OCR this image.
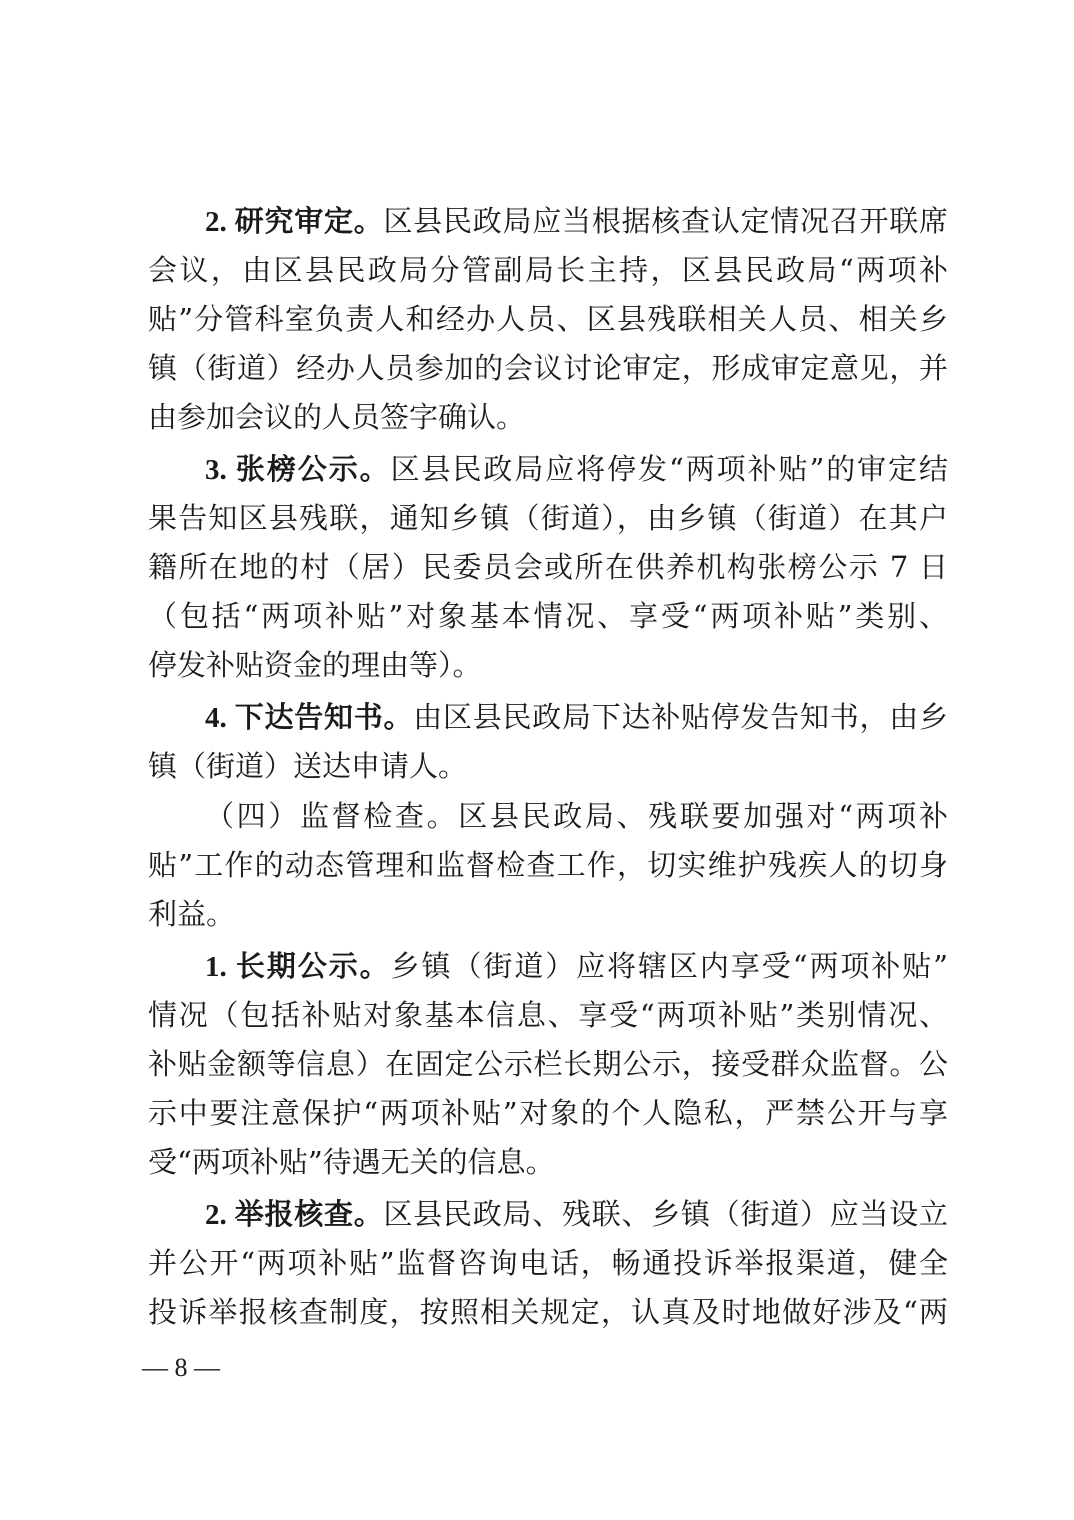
2. 研究审定。区县民政局应当根据核查认定情况召开联席
会议，由区县民政局分管副局长主持，区县民政局“两项补
贴”分管科室负责人和经办人员、区县残联相关人员、相关乡
镇（街道）经办人员参加的会议讨论审定，形成审定意见，并
由参加会议的人员签字确认。
3. 张榜公示。区县民政局应将停发“两项补贴”的审定结
果告知区县残联，通知乡镇（街道），由乡镇（街道）在其户
籍所在地的村（居）民委员会或所在供养机构张榜公示 7 日
（包括“两项补贴”对象基本情况、享受“两项补贴”类别、
停发补贴资金的理由等）。
4. 下达告知书。由区县民政局下达补贴停发告知书，由乡
镇（街道）送达申请人。
（四）监督检查。区县民政局、残联要加强对“两项补
贴”工作的动态管理和监督检查工作，切实维护残疾人的切身
利益。
1. 长期公示。乡镇（街道）应将辖区内享受“两项补贴”
情况（包括补贴对象基本信息、享受“两项补贴”类别情况、
补贴金额等信息）在固定公示栏长期公示，接受群众监督。公
示中要注意保护“两项补贴”对象的个人隐私，严禁公开与享
受“两项补贴”待遇无关的信息。
2. 举报核查。区县民政局、残联、乡镇（街道）应当设立
并公开“两项补贴”监督咨询电话，畅通投诉举报渠道，健全
投诉举报核查制度，按照相关规定，认真及时地做好涉及“两
— 8 —
